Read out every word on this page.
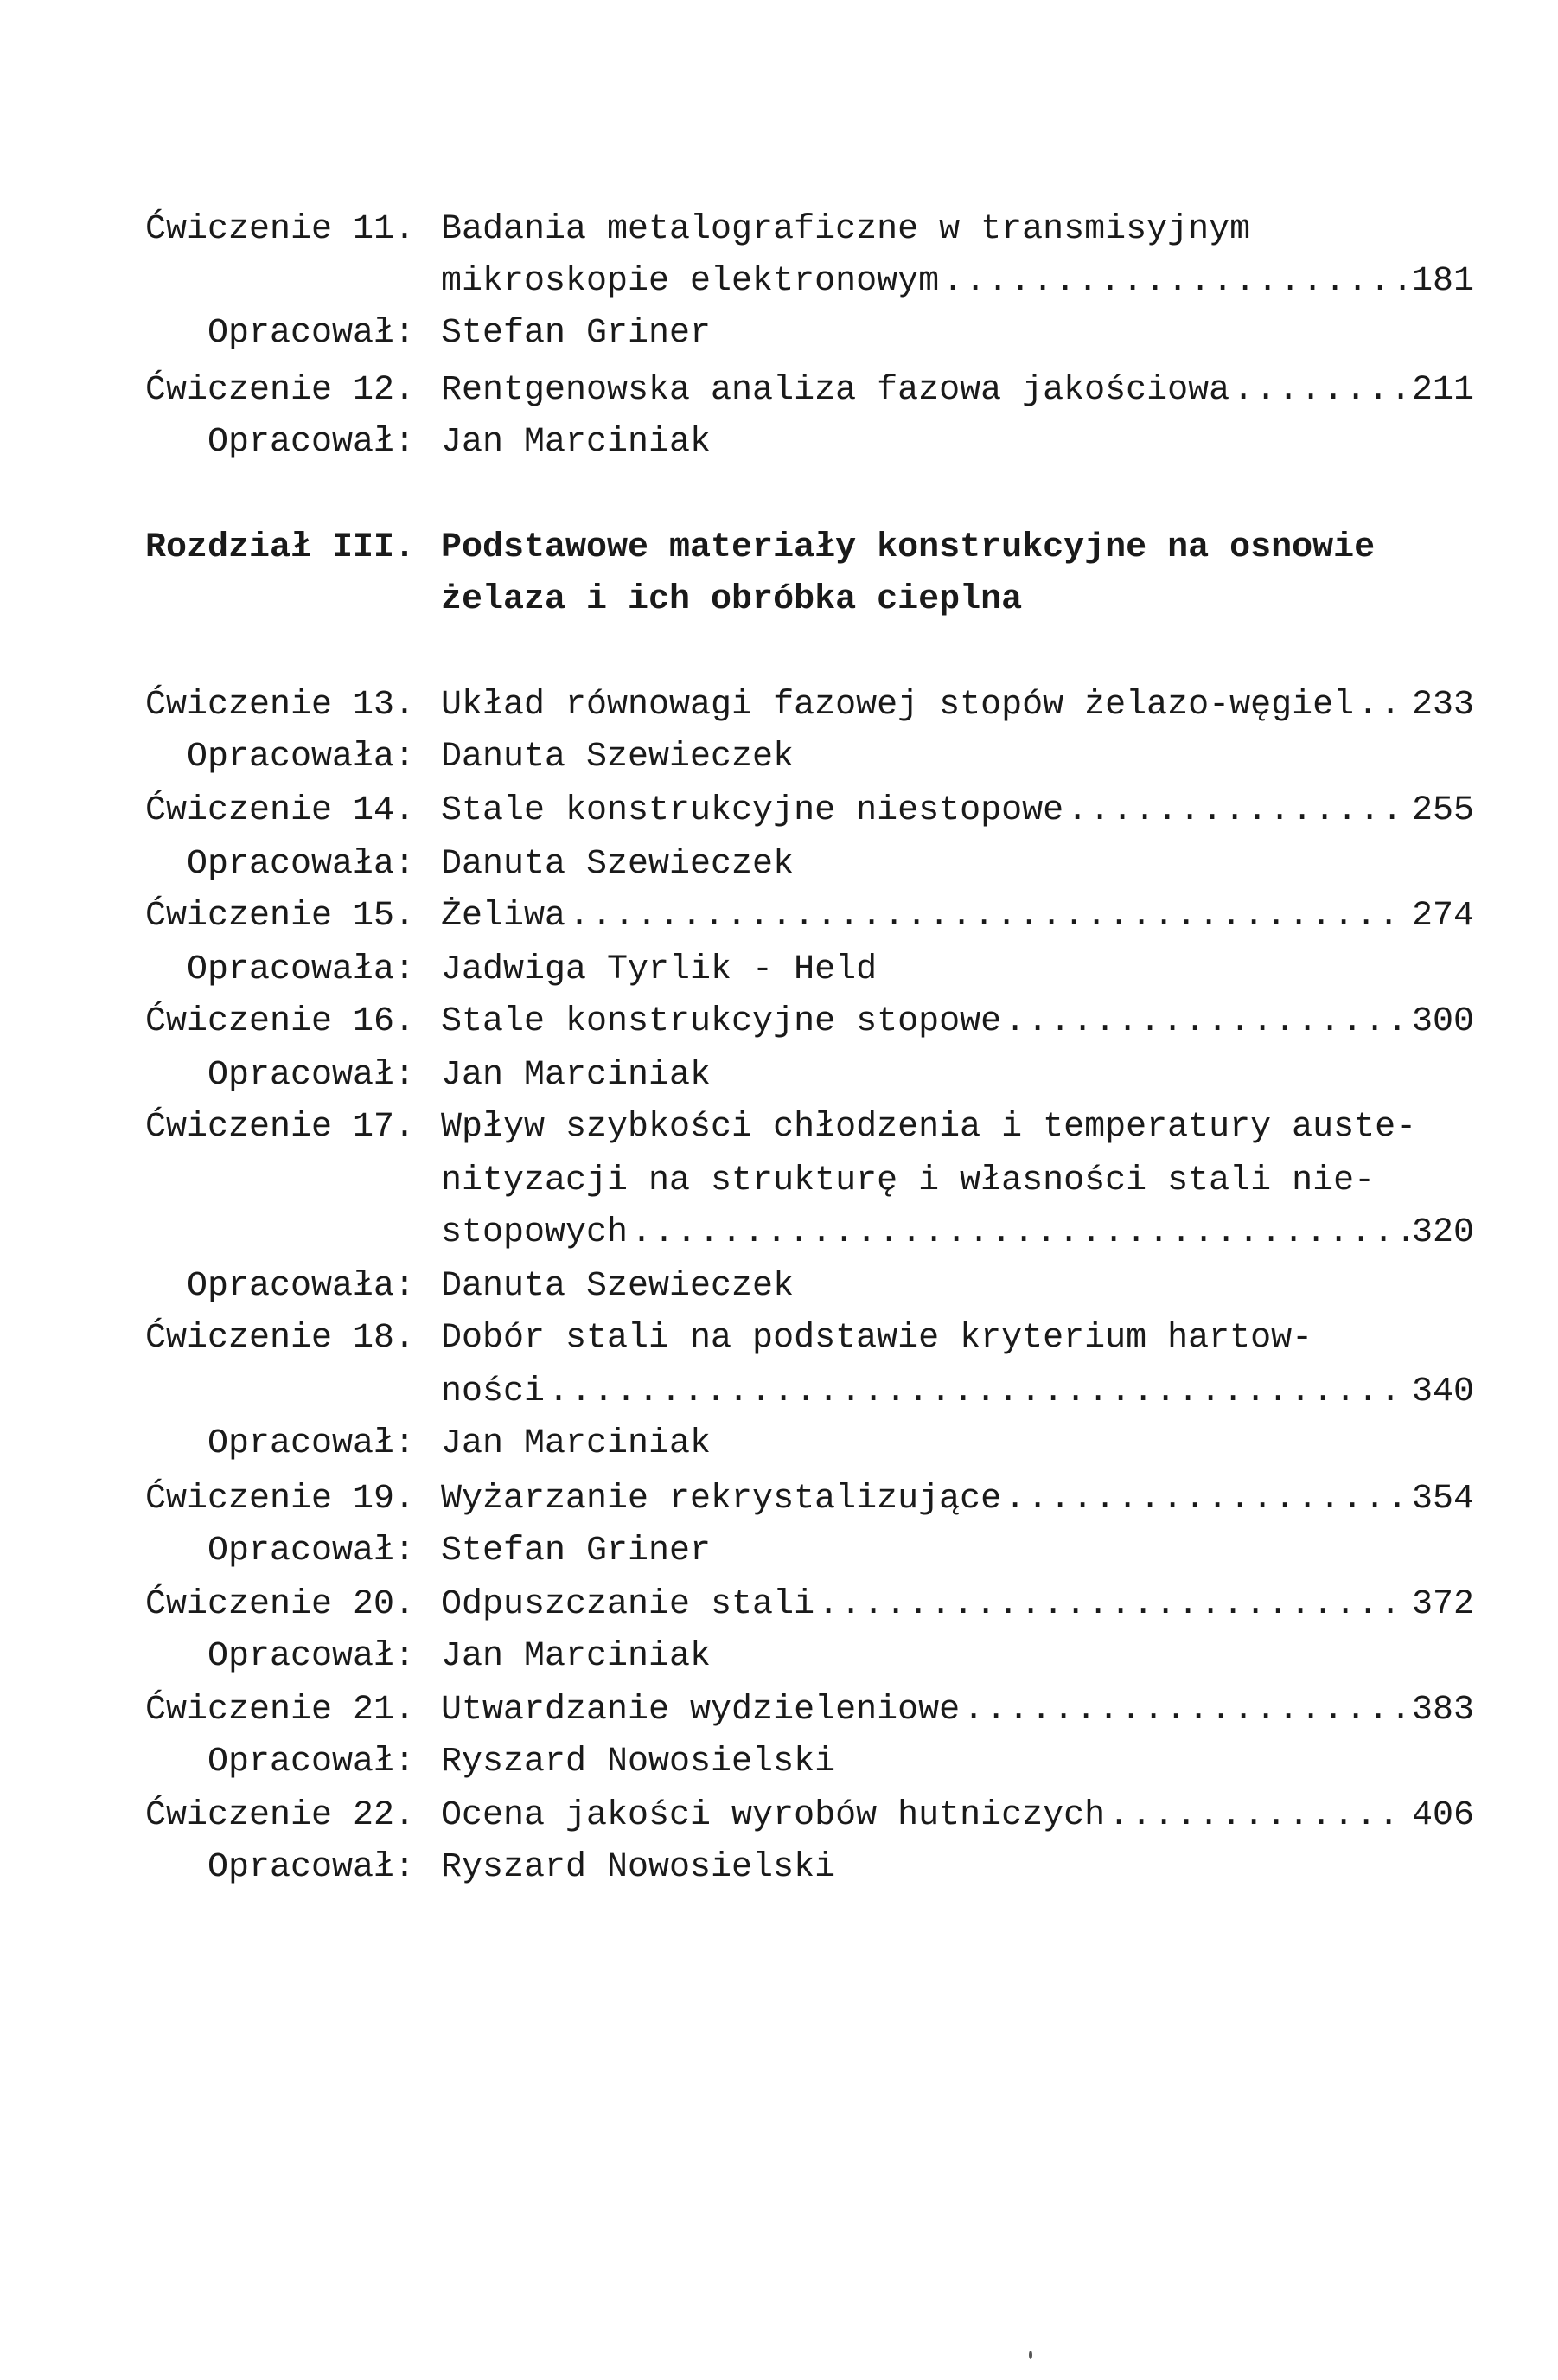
Ćwiczenie 11. Badania metalograficzne w transmisyjnym
mikroskopie elektronowym .....	181
Opracował: Stefan Griner
Ćwiczenie 12. Rentgenowska analiza fazowa jakościowa .....	211
Opracował: Jan Marciniak
Rozdział III. Podstawowe materiały konstrukcyjne na osnowie
żelaza i ich obróbka cieplna
Ćwiczenie 13. Układ równowagi fazowej stopów żelazo-węgiel ..... 233
Opracowała: Danuta Szewieczek
Ćwiczenie 14. Stale konstrukcyjne niestopowe .....	255
Opracowała: Danuta Szewieczek
Ćwiczenie 15. Żeliwa .....	274
Opracowała: Jadwiga Tyrlik - Held
Ćwiczenie 16. Stale konstrukcyjne stopowe .....	300
Opracował: Jan Marciniak
Ćwiczenie 17. Wpływ szybkości chłodzenia i temperatury auste-
nityzacji na strukturę i własności stali nie-
stopowych .....	320
Opracowała: Danuta Szewieczek
Ćwiczenie 18. Dobór stali na podstawie kryterium hartow-
ności .....	340
Opracował: Jan Marciniak
Ćwiczenie 19. Wyżarzanie rekrystalizujące .....	354
Opracował: Stefan Griner
Ćwiczenie 20. Odpuszczanie stali .....	372
Opracował: Jan Marciniak
Ćwiczenie 21. Utwardzanie wydzieleniowe .....	383
Opracował: Ryszard Nowosielski
Ćwiczenie 22. Ocena jakości wyrobów hutniczych .....	406
Opracował: Ryszard Nowosielski
